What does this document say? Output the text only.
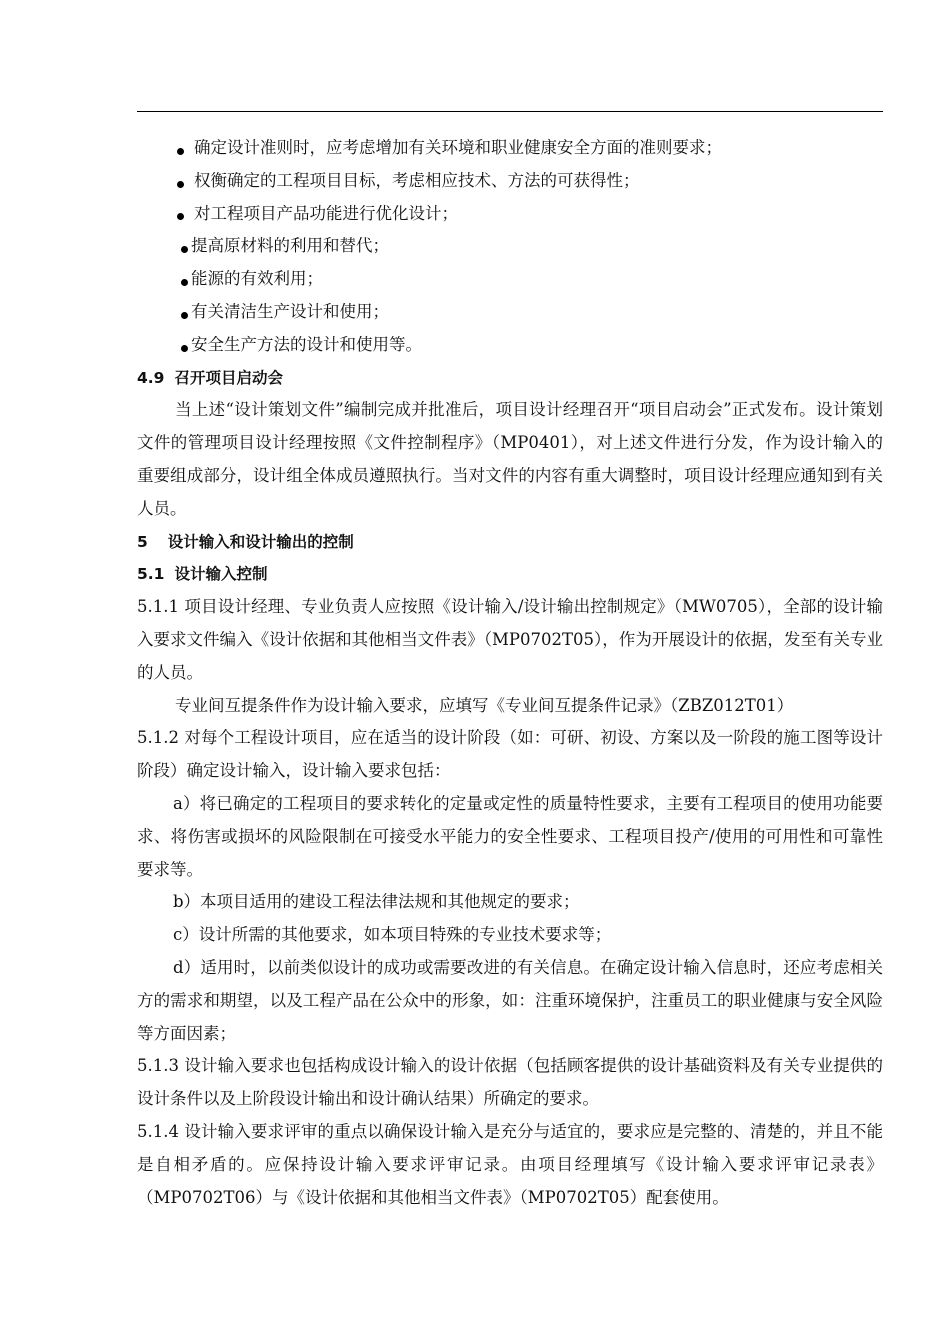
确定设计准则时，应考虑增加有关环境和职业健康安全方面的准则要求；
权衡确定的工程项目目标，考虑相应技术、方法的可获得性；
对工程项目产品功能进行优化设计；
提高原材料的利用和替代；
能源的有效利用；
有关清洁生产设计和使用；
安全生产方法的设计和使用等。
4.9 召开项目启动会
当上述“设计策划文件”编制完成并批准后，项目设计经理召开“项目启动会”正式发布。设计策划文件的管理项目设计经理按照《文件控制程序》（MP0401），对上述文件进行分发，作为设计输入的重要组成部分，设计组全体成员遵照执行。当对文件的内容有重大调整时，项目设计经理应通知到有关人员。
5 设计输入和设计输出的控制
5.1 设计输入控制
5.1.1 项目设计经理、专业负责人应按照《设计输入/设计输出控制规定》（MW0705），全部的设计输入要求文件编入《设计依据和其他相当文件表》（MP0702T05），作为开展设计的依据，发至有关专业的人员。
专业间互提条件作为设计输入要求，应填写《专业间互提条件记录》（ZBZ012T01）
5.1.2 对每个工程设计项目，应在适当的设计阶段（如：可研、初设、方案以及一阶段的施工图等设计阶段）确定设计输入，设计输入要求包括：
a）将已确定的工程项目的要求转化的定量或定性的质量特性要求，主要有工程项目的使用功能要求、将伤害或损坏的风险限制在可接受水平能力的安全性要求、工程项目投产/使用的可用性和可靠性要求等。
b）本项目适用的建设工程法律法规和其他规定的要求；
c）设计所需的其他要求，如本项目特殊的专业技术要求等；
d）适用时，以前类似设计的成功或需要改进的有关信息。在确定设计输入信息时，还应考虑相关方的需求和期望，以及工程产品在公众中的形象，如：注重环境保护，注重员工的职业健康与安全风险等方面因素；
5.1.3 设计输入要求也包括构成设计输入的设计依据（包括顾客提供的设计基础资料及有关专业提供的设计条件以及上阶段设计输出和设计确认结果）所确定的要求。
5.1.4 设计输入要求评审的重点以确保设计输入是充分与适宜的，要求应是完整的、清楚的，并且不能是自相矛盾的。应保持设计输入要求评审记录。由项目经理填写《设计输入要求评审记录表》（MP0702T06）与《设计依据和其他相当文件表》（MP0702T05）配套使用。
